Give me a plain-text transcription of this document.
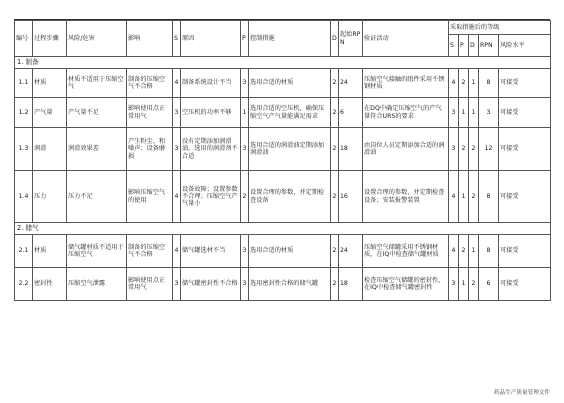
编号	过程步骤	风险/危害	影响	S	原因	P	控制措施	D	起始RPN	验证活动	采取措施后的等级				
											S	P	D	RPN	风险水平
1. 制备															
1.1	材质	材质不适用于压缩空气	制备的压缩空气不合格	4	制备系统设计不当	3	选用合适的材质	2	24	压缩空气接触的组件采用不锈钢材质	4	2	1	8	可接受
1.2	产气量	产气量不足	影响使用点正常用气	3	空压机的功率不够	1	选用合适的空压机，确保压缩空气产气量能满足需求	2	6	在DQ中确定压缩空气的产气量符合URS的要求	3	1	1	3	可接受
1.3	润滑	润滑效果差	产生粉尘、和噪声；设备磨损	3	没有定期添加润滑油，选用的润滑剂不合适	3	选用合适的润滑油定期添加润滑油	2	18	由岗位人员定期添加合适的润滑油	3	2	2	12	可接受
1.4	压力	压力不足	影响压缩空气的使用	4	设备故障；设置参数不合理；压缩空气产气量小	2	设置合理的参数，并定期检查设备	2	16	设置合理的参数，并定期检查设备；安装报警装置	4	1	2	8	可接受
2. 储气															
2.1	材质	储气罐材质不适用于压缩空气	制备的压缩空气不合格	4	储气罐选材不当	3	选用合适的材质	2	24	压缩空气储罐采用不锈钢材质，在IQ中检查储气罐材质	4	2	1	8	可接受
2.2	密封性	压缩空气泄露	影响使用点正常用气	3	储气罐密封性不合格	3	选用密封性合格的储气罐	2	18	检查压缩空气储罐的密封性，在IQ中检查储气罐密封性	3	1	2	6	可接受
药品生产质量管理文件
